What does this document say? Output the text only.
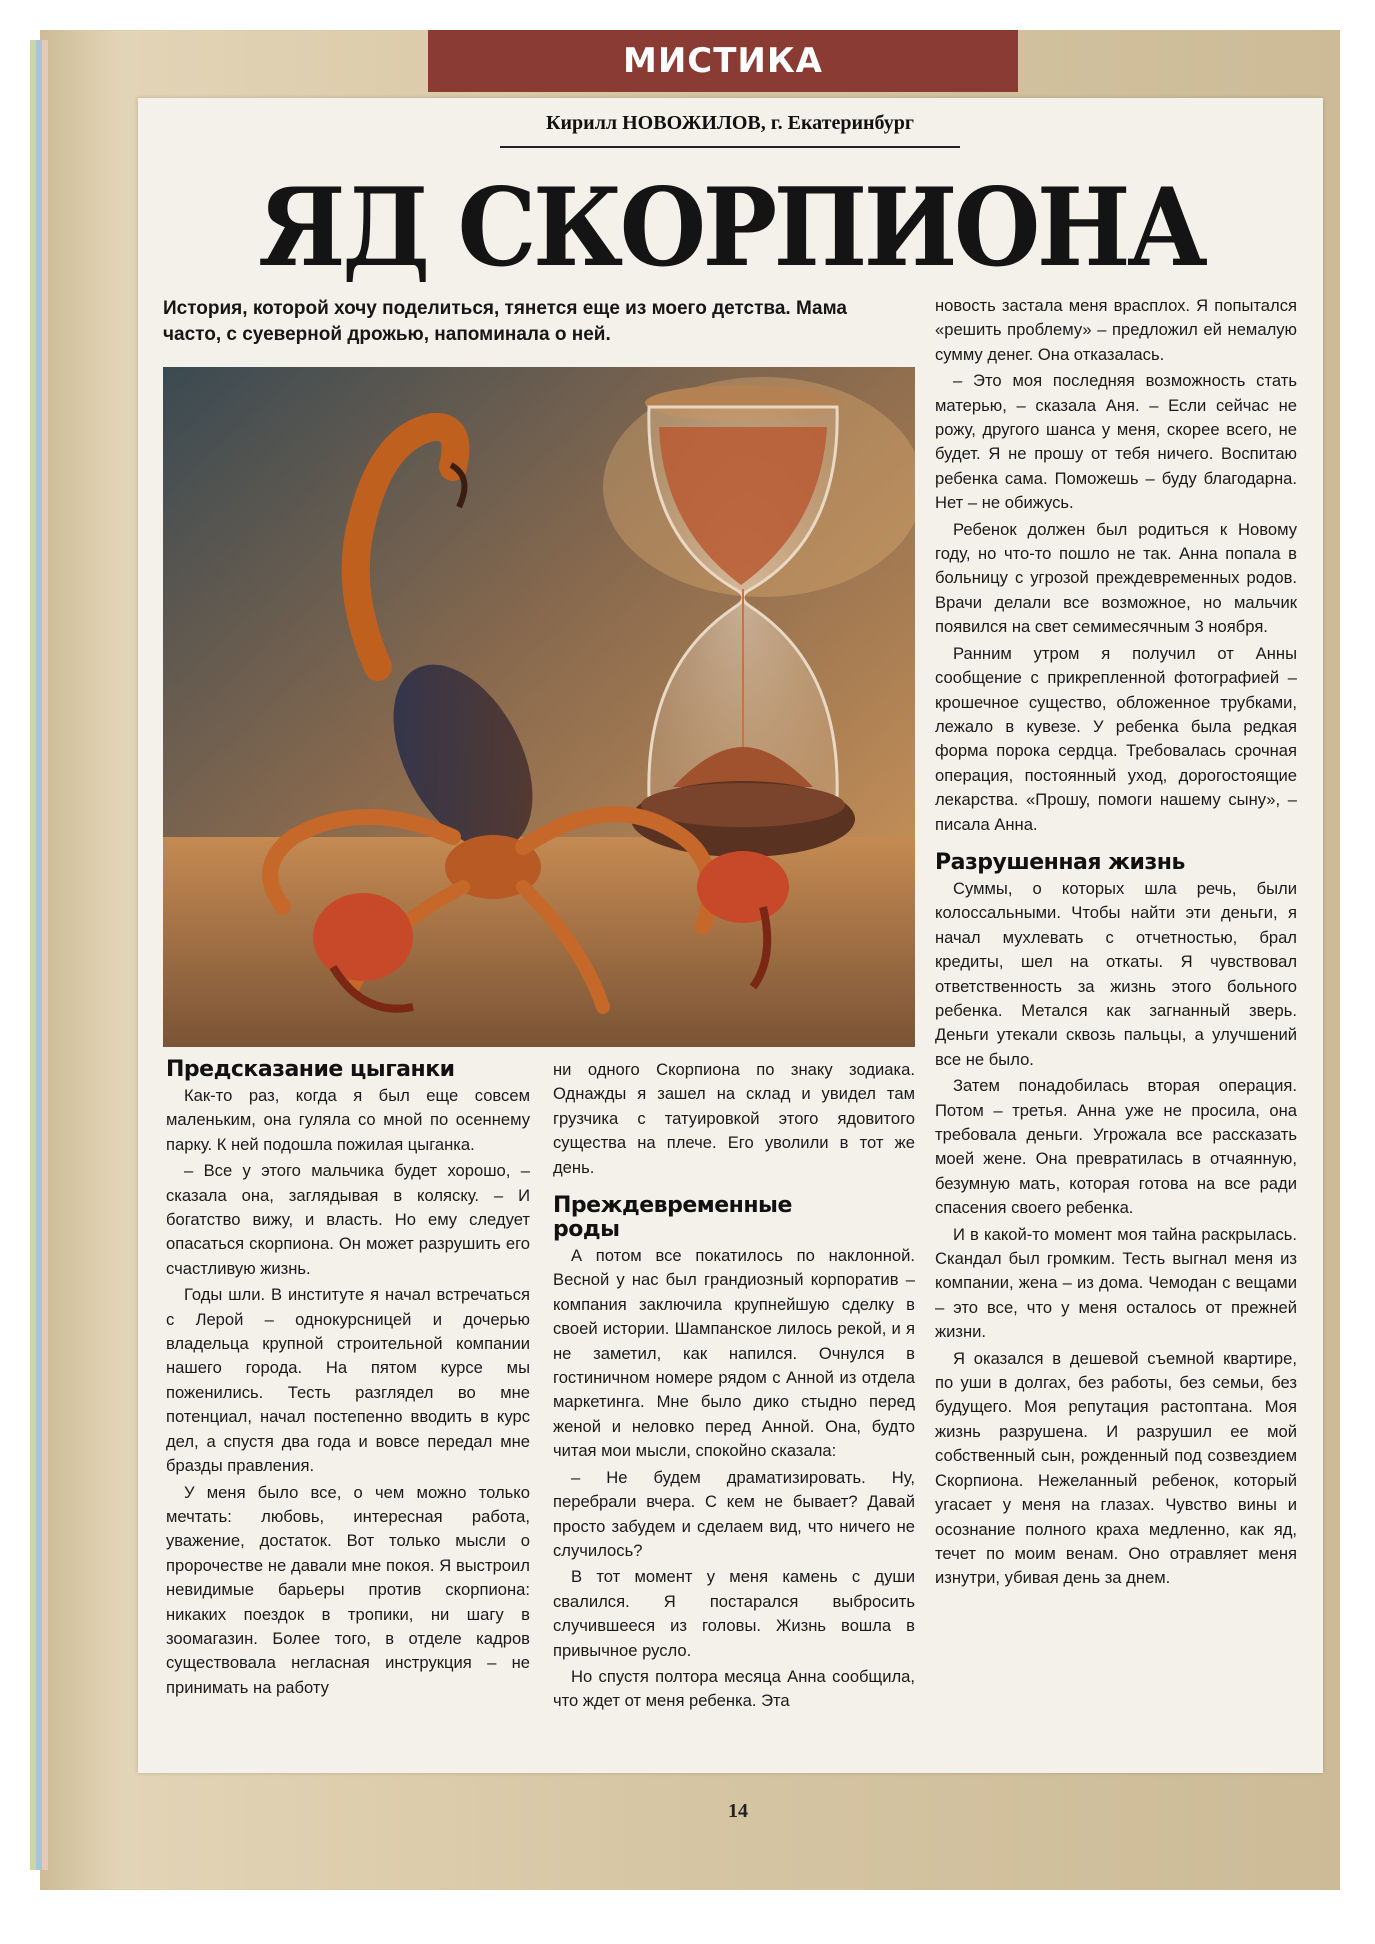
МИСТИКА
Кирилл НОВОЖИЛОВ, г. Екатеринбург
ЯД СКОРПИОНА
История, которой хочу поделиться, тянется еще из моего детства. Мама часто, с суеверной дрожью, напоминала о ней.
Предсказание цыганки

Как-то раз, когда я был еще совсем маленьким, она гуляла со мной по осеннему парку. К ней подошла пожилая цыганка.

– Все у этого мальчика будет хорошо, – сказала она, заглядывая в коляску. – И богатство вижу, и власть. Но ему следует опасаться скорпиона. Он может разрушить его счастливую жизнь.

Годы шли. В институте я начал встречаться с Лерой – однокурсницей и дочерью владельца крупной строительной компании нашего города. На пятом курсе мы поженились. Тесть разглядел во мне потенциал, начал постепенно вводить в курс дел, а спустя два года и вовсе передал мне бразды правления.

У меня было все, о чем можно только мечтать: любовь, интересная работа, уважение, достаток. Вот только мысли о пророчестве не давали мне покоя. Я выстроил невидимые барьеры против скорпиона: никаких поездок в тропики, ни шагу в зоомагазин. Более того, в отделе кадров существовала негласная инструкция – не принимать на работу

ни одного Скорпиона по знаку зодиака. Однажды я зашел на склад и увидел там грузчика с татуировкой этого ядовитого существа на плече. Его уволили в тот же день.

Преждевременные роды

А потом все покатилось по наклонной. Весной у нас был грандиозный корпоратив – компания заключила крупнейшую сделку в своей истории. Шампанское лилось рекой, и я не заметил, как напился. Очнулся в гостиничном номере рядом с Анной из отдела маркетинга. Мне было дико стыдно перед женой и неловко перед Анной. Она, будто читая мои мысли, спокойно сказала:

– Не будем драматизировать. Ну, перебрали вчера. С кем не бывает? Давай просто забудем и сделаем вид, что ничего не случилось?

В тот момент у меня камень с души свалился. Я постарался выбросить случившееся из головы. Жизнь вошла в привычное русло.

Но спустя полтора месяца Анна сообщила, что ждет от меня ребенка. Эта

новость застала меня врасплох. Я попытался «решить проблему» – предложил ей немалую сумму денег. Она отказалась.

– Это моя последняя возможность стать матерью, – сказала Аня. – Если сейчас не рожу, другого шанса у меня, скорее всего, не будет. Я не прошу от тебя ничего. Воспитаю ребенка сама. Поможешь – буду благодарна. Нет – не обижусь.

Ребенок должен был родиться к Новому году, но что-то пошло не так. Анна попала в больницу с угрозой преждевременных родов. Врачи делали все возможное, но мальчик появился на свет семимесячным 3 ноября.

Ранним утром я получил от Анны сообщение с прикрепленной фотографией – крошечное существо, обложенное трубками, лежало в кувезе. У ребенка была редкая форма порока сердца. Требовалась срочная операция, постоянный уход, дорогостоящие лекарства. «Прошу, помоги нашему сыну», – писала Анна.

Разрушенная жизнь

Суммы, о которых шла речь, были колоссальными. Чтобы найти эти деньги, я начал мухлевать с отчетностью, брал кредиты, шел на откаты. Я чувствовал ответственность за жизнь этого больного ребенка. Метался как загнанный зверь. Деньги утекали сквозь пальцы, а улучшений все не было.

Затем понадобилась вторая операция. Потом – третья. Анна уже не просила, она требовала деньги. Угрожала все рассказать моей жене. Она превратилась в отчаянную, безумную мать, которая готова на все ради спасения своего ребенка.

И в какой-то момент моя тайна раскрылась. Скандал был громким. Тесть выгнал меня из компании, жена – из дома. Чемодан с вещами – это все, что у меня осталось от прежней жизни.

Я оказался в дешевой съемной квартире, по уши в долгах, без работы, без семьи, без будущего. Моя репутация растоптана. Моя жизнь разрушена. И разрушил ее мой собственный сын, рожденный под созвездием Скорпиона. Нежеланный ребенок, который угасает у меня на глазах. Чувство вины и осознание полного краха медленно, как яд, течет по моим венам. Оно отравляет меня изнутри, убивая день за днем.

14
